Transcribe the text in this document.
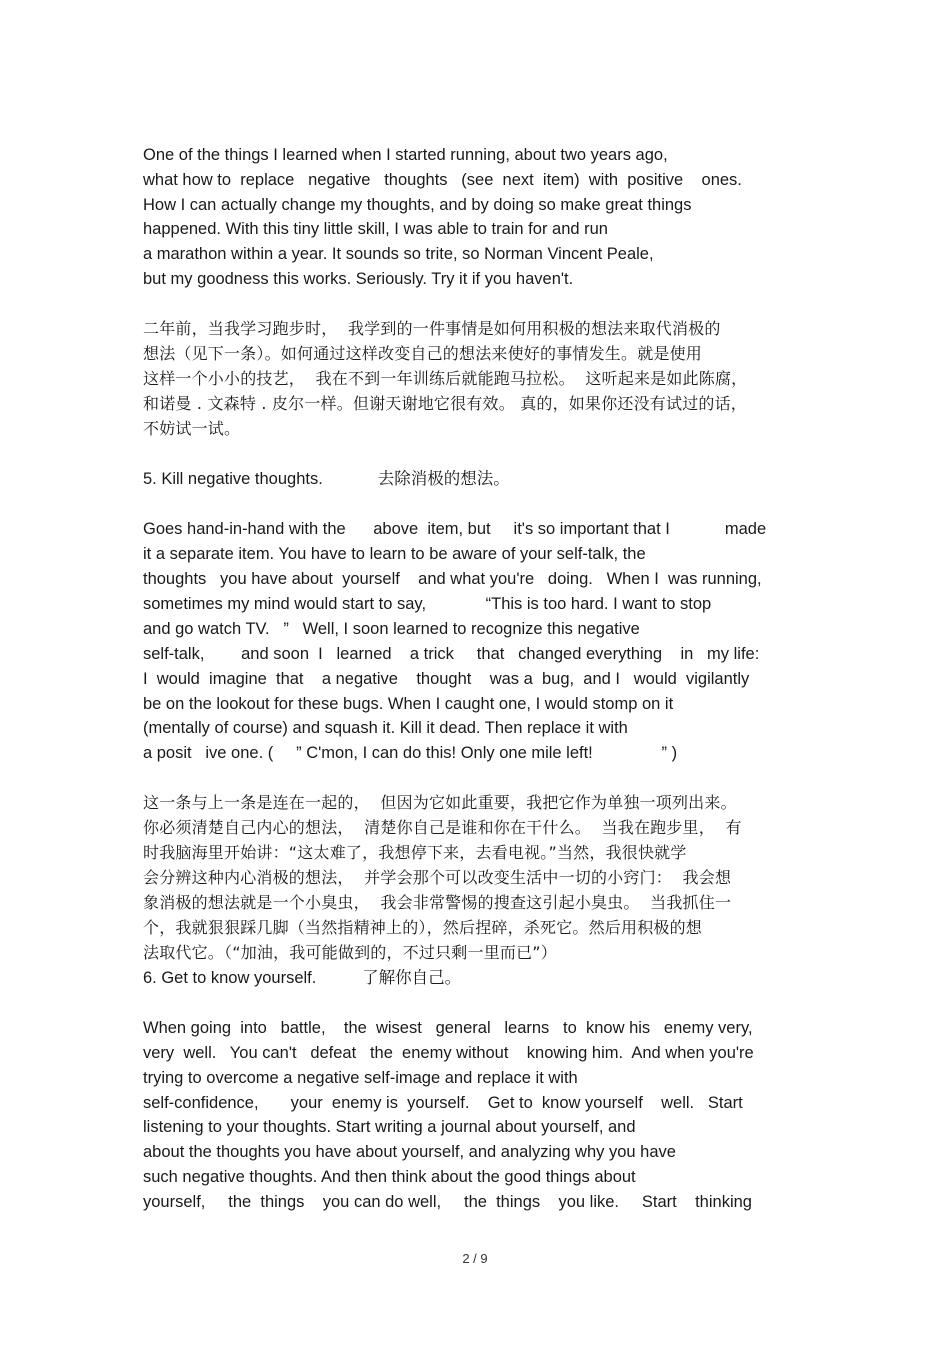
One of the things I learned when I started running, about two years ago,
what how to  replace   negative   thoughts   (see  next  item)  with  positive    ones.
How I can actually change my thoughts, and by doing so make great things
happened. With this tiny little skill, I was able to train for and run
a marathon within a year. It sounds so trite, so Norman Vincent Peale,
but my goodness this works. Seriously. Try it if you haven't.
二年前，当我学习跑步时，  我学到的一件事情是如何用积极的想法来取代消极的
想法（见下一条）。如何通过这样改变自己的想法来使好的事情发生。就是使用
这样一个小小的技艺，  我在不到一年训练后就能跑马拉松。  这听起来是如此陈腐，
和诺曼 . 文森特 . 皮尔一样。但谢天谢地它很有效。 真的，如果你还没有试过的话，
不妨试一试。
5. Kill negative thoughts.            去除消极的想法。
Goes hand-in-hand with the      above  item, but     it's so important that I            made
it a separate item. You have to learn to be aware of your self-talk, the
thoughts   you have about  yourself    and what you're   doing.   When I  was running,
sometimes my mind would start to say,             “This is too hard. I want to stop
and go watch TV.   ”   Well, I soon learned to recognize this negative
self-talk,        and soon  I   learned    a trick     that   changed everything    in   my life:
I  would  imagine  that    a negative    thought    was a  bug,  and I   would  vigilantly
be on the lookout for these bugs. When I caught one, I would stomp on it
(mentally of course) and squash it. Kill it dead. Then replace it with
a posit   ive one. (     ” C'mon, I can do this! Only one mile left!               ” )
这一条与上一条是连在一起的，  但因为它如此重要，我把它作为单独一项列出来。
你必须清楚自己内心的想法，  清楚你自己是谁和你在干什么。  当我在跑步里，  有
时我脑海里开始讲：“这太难了，我想停下来，去看电视。”当然，我很快就学
会分辨这种内心消极的想法，  并学会那个可以改变生活中一切的小窍门：  我会想
象消极的想法就是一个小臭虫，  我会非常警惕的搜查这引起小臭虫。  当我抓住一
个，我就狠狠踩几脚（当然指精神上的），然后捏碎，杀死它。然后用积极的想
法取代它。（“加油，我可能做到的，不过只剩一里而已”）
6. Get to know yourself.          了解你自己。
When going  into   battle,    the  wisest   general   learns   to  know his   enemy very,
very  well.   You can't   defeat   the  enemy without    knowing him.  And when you're
trying to overcome a negative self-image and replace it with
self-confidence,       your  enemy is  yourself.    Get to  know yourself    well.   Start
listening to your thoughts. Start writing a journal about yourself, and
about the thoughts you have about yourself, and analyzing why you have
such negative thoughts. And then think about the good things about
yourself,     the  things    you can do well,     the  things    you like.     Start    thinking
2 / 9
